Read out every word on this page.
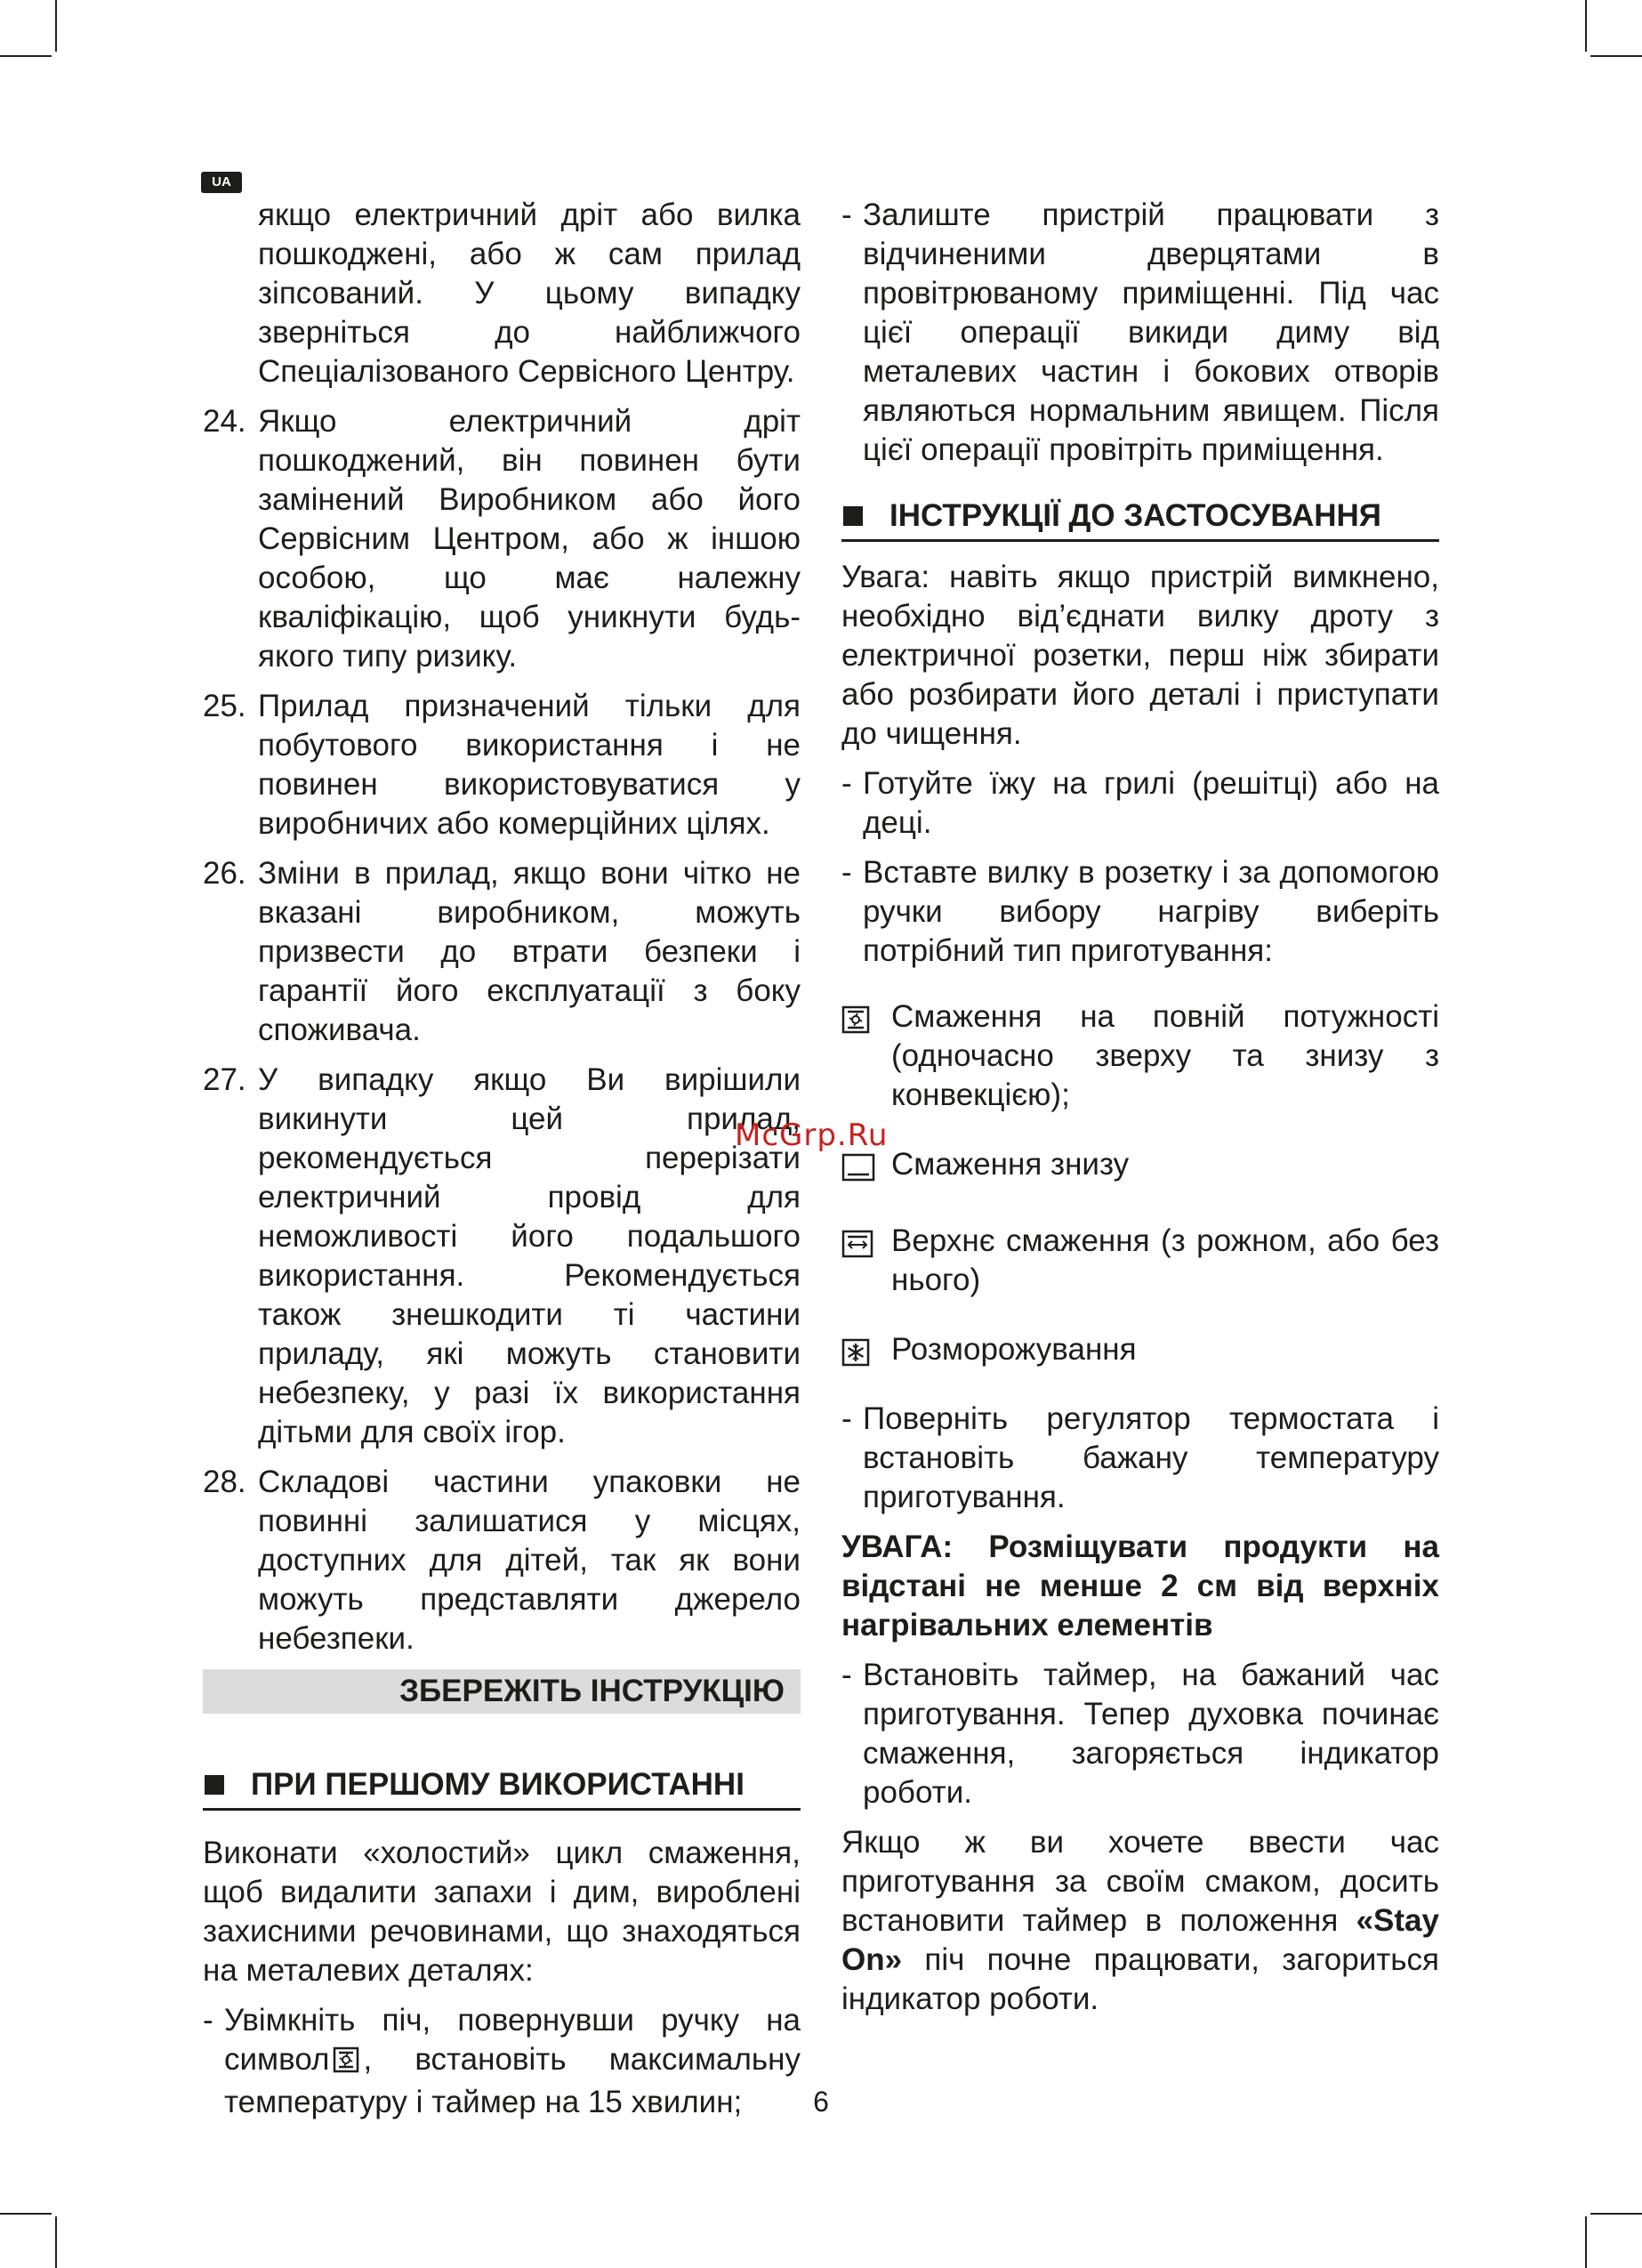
UA

якщо електричний дріт або вилка пошкоджені, або ж сам прилад зіпсований. У цьому випадку зверніться до найближчого Спеціалізованого Сервісного Центру.

24. Якщо електричний дріт пошкоджений, він повинен бути замінений Виробником або його Сервісним Центром, або ж іншою особою, що має належну кваліфікацію, щоб уникнути будь-якого типу ризику.

25. Прилад призначений тільки для побутового використання і не повинен використовуватися у виробничих або комерційних цілях.

26. Зміни в прилад, якщо вони чітко не вказані виробником, можуть призвести до втрати безпеки і гарантії його експлуатації з боку споживача.

27. У випадку якщо Ви вирішили викинути цей прилад, рекомендується перерізати електричний провід для неможливості його подальшого використання. Рекомендується також знешкодити ті частини приладу, які можуть становити небезпеку, у разі їх використання дітьми для своїх ігор.

28. Складові частини упаковки не повинні залишатися у місцях, доступних для дітей, так як вони можуть представляти джерело небезпеки.

ЗБЕРЕЖІТЬ ІНСТРУКЦІЮ
ПРИ ПЕРШОМУ ВИКОРИСТАННІ

Виконати «холостий» цикл смаження, щоб видалити запахи і дим, вироблені захисними речовинами, що знаходяться на металевих деталях:

- Увімкніть піч, повернувши ручку на символ , встановіть максимальну температуру і таймер на 15 хвилин;

- Залиште пристрій працювати з відчиненими дверцятами в провітрюваному приміщенні. Під час цієї операції викиди диму від металевих частин і бокових отворів являються нормальним явищем. Після цієї операції провітріть приміщення.

ІНСТРУКЦІЇ ДО ЗАСТОСУВАННЯ

Увага: навіть якщо пристрій вимкнено, необхідно від’єднати вилку дроту з електричної розетки, перш ніж збирати або розбирати його деталі і приступати до чищення.

- Готуйте їжу на грилі (решітці) або на деці.

- Вставте вилку в розетку і за допомогою ручки вибору нагріву виберіть потрібний тип приготування:

Смаження на повній потужності (одночасно зверху та знизу з конвекцією);
Смаження знизу
Верхнє смаження (з рожном, або без нього)
Розморожування
- Поверніть регулятор термостата і встановіть бажану температуру приготування.

УВАГА: Розміщувати продукти на відстані не менше 2 см від верхніх нагрівальних елементів

- Встановіть таймер, на бажаний час приготування. Тепер духовка починає смаження, загоряється індикатор роботи.

Якщо ж ви хочете ввести час приготування за своїм смаком, досить встановити таймер в положення «Stay On» піч почне працювати, загориться індикатор роботи.

McGrp.Ru
6
